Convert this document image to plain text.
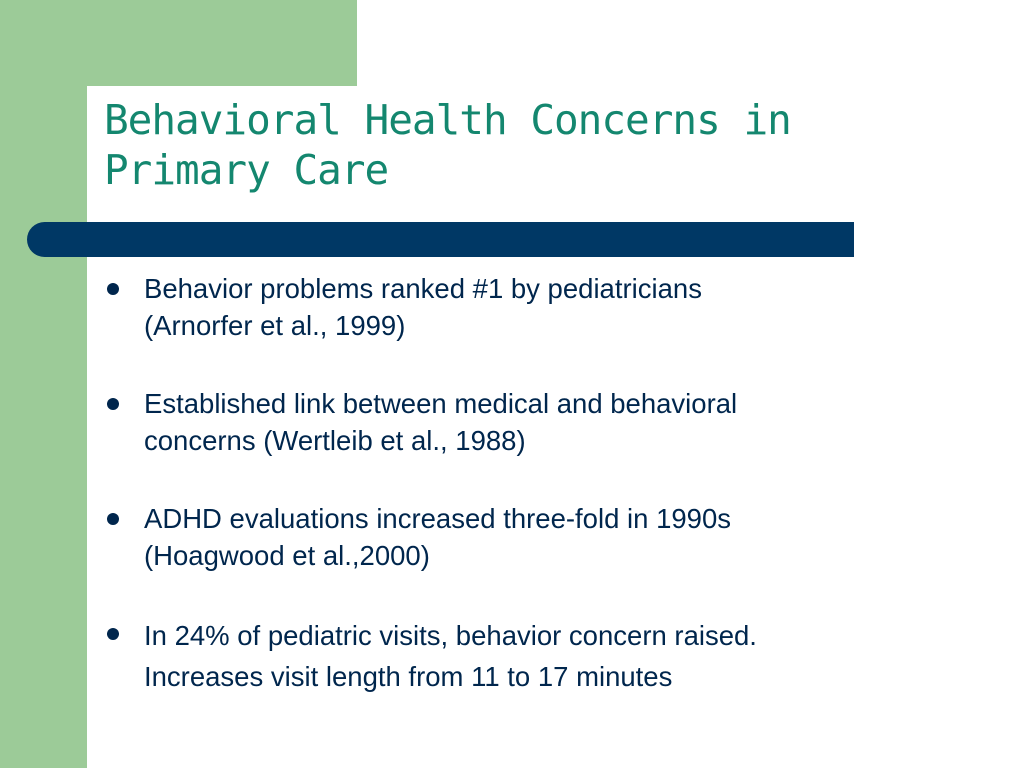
Behavioral Health Concerns in
Primary Care
Behavior problems ranked #1 by pediatricians
(Arnorfer et al., 1999)
Established link between medical and behavioral
concerns (Wertleib et al., 1988)
ADHD evaluations increased three-fold in 1990s
(Hoagwood et al.,2000)
In 24% of pediatric visits, behavior concern raised.
Increases visit length from 11 to 17 minutes
